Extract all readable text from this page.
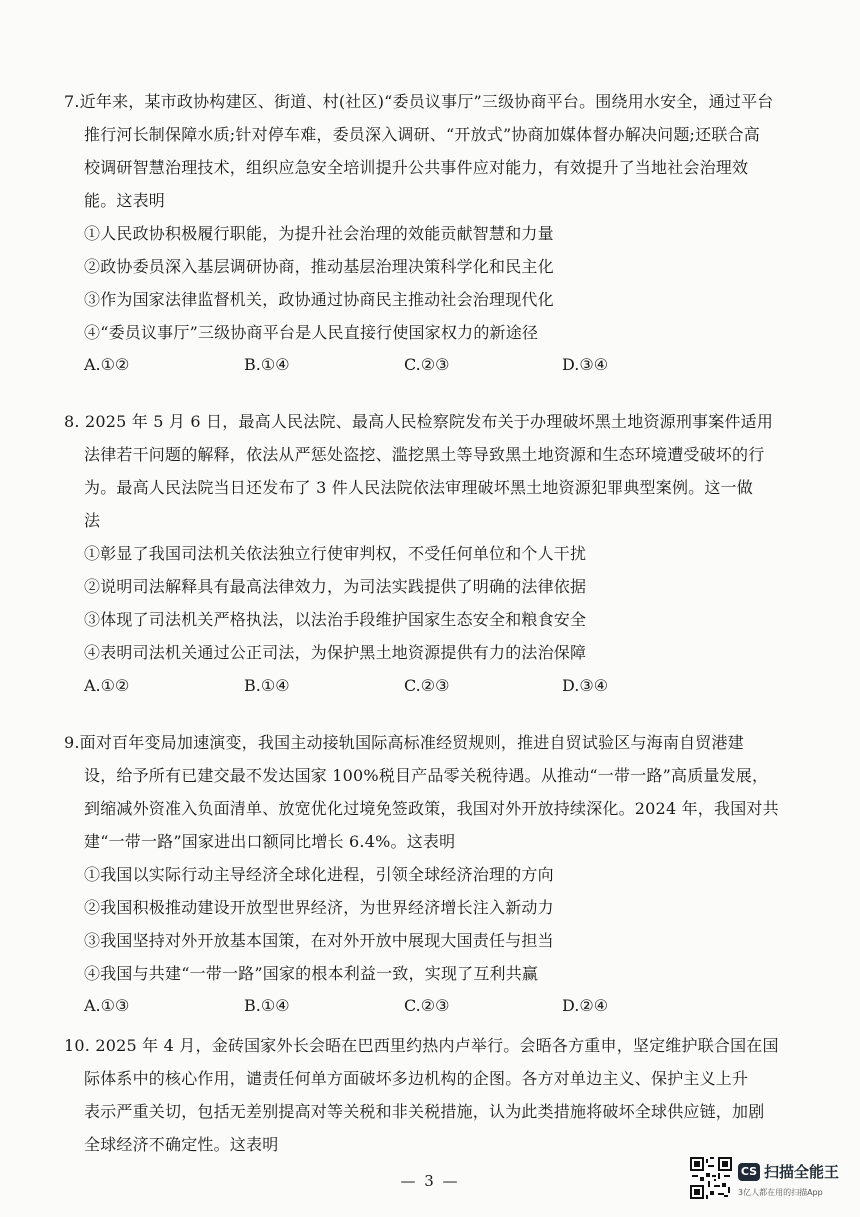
7.近年来，某市政协构建区、街道、村(社区)“委员议事厅”三级协商平台。围绕用水安全，通过平台
推行河长制保障水质;针对停车难，委员深入调研、“开放式”协商加媒体督办解决问题;还联合高
校调研智慧治理技术，组织应急安全培训提升公共事件应对能力，有效提升了当地社会治理效
能。这表明
①人民政协积极履行职能，为提升社会治理的效能贡献智慧和力量
②政协委员深入基层调研协商，推动基层治理决策科学化和民主化
③作为国家法律监督机关，政协通过协商民主推动社会治理现代化
④“委员议事厅”三级协商平台是人民直接行使国家权力的新途径
A.①②	B.①④	C.②③	D.③④
8. 2025 年 5 月 6 日，最高人民法院、最高人民检察院发布关于办理破坏黑土地资源刑事案件适用
法律若干问题的解释，依法从严惩处盗挖、滥挖黑土等导致黑土地资源和生态环境遭受破坏的行
为。最高人民法院当日还发布了 3 件人民法院依法审理破坏黑土地资源犯罪典型案例。这一做
法
①彰显了我国司法机关依法独立行使审判权，不受任何单位和个人干扰
②说明司法解释具有最高法律效力，为司法实践提供了明确的法律依据
③体现了司法机关严格执法，以法治手段维护国家生态安全和粮食安全
④表明司法机关通过公正司法，为保护黑土地资源提供有力的法治保障
A.①②	B.①④	C.②③	D.③④
9.面对百年变局加速演变，我国主动接轨国际高标准经贸规则，推进自贸试验区与海南自贸港建
设，给予所有已建交最不发达国家 100%税目产品零关税待遇。从推动“一带一路”高质量发展，
到缩减外资准入负面清单、放宽优化过境免签政策，我国对外开放持续深化。2024 年，我国对共
建“一带一路”国家进出口额同比增长 6.4%。这表明
①我国以实际行动主导经济全球化进程，引领全球经济治理的方向
②我国积极推动建设开放型世界经济，为世界经济增长注入新动力
③我国坚持对外开放基本国策，在对外开放中展现大国责任与担当
④我国与共建“一带一路”国家的根本利益一致，实现了互利共赢
A.①③	B.①④	C.②③	D.②④
10. 2025 年 4 月，金砖国家外长会晤在巴西里约热内卢举行。会晤各方重申，坚定维护联合国在国
— 3 —
CS 扫描全能王
3亿人都在用的扫描App
际体系中的核心作用，谴责任何单方面破坏多边机构的企图。各方对单边主义、保护主义上升
表示严重关切，包括无差别提高对等关税和非关税措施，认为此类措施将破坏全球供应链，加剧
全球经济不确定性。这表明
